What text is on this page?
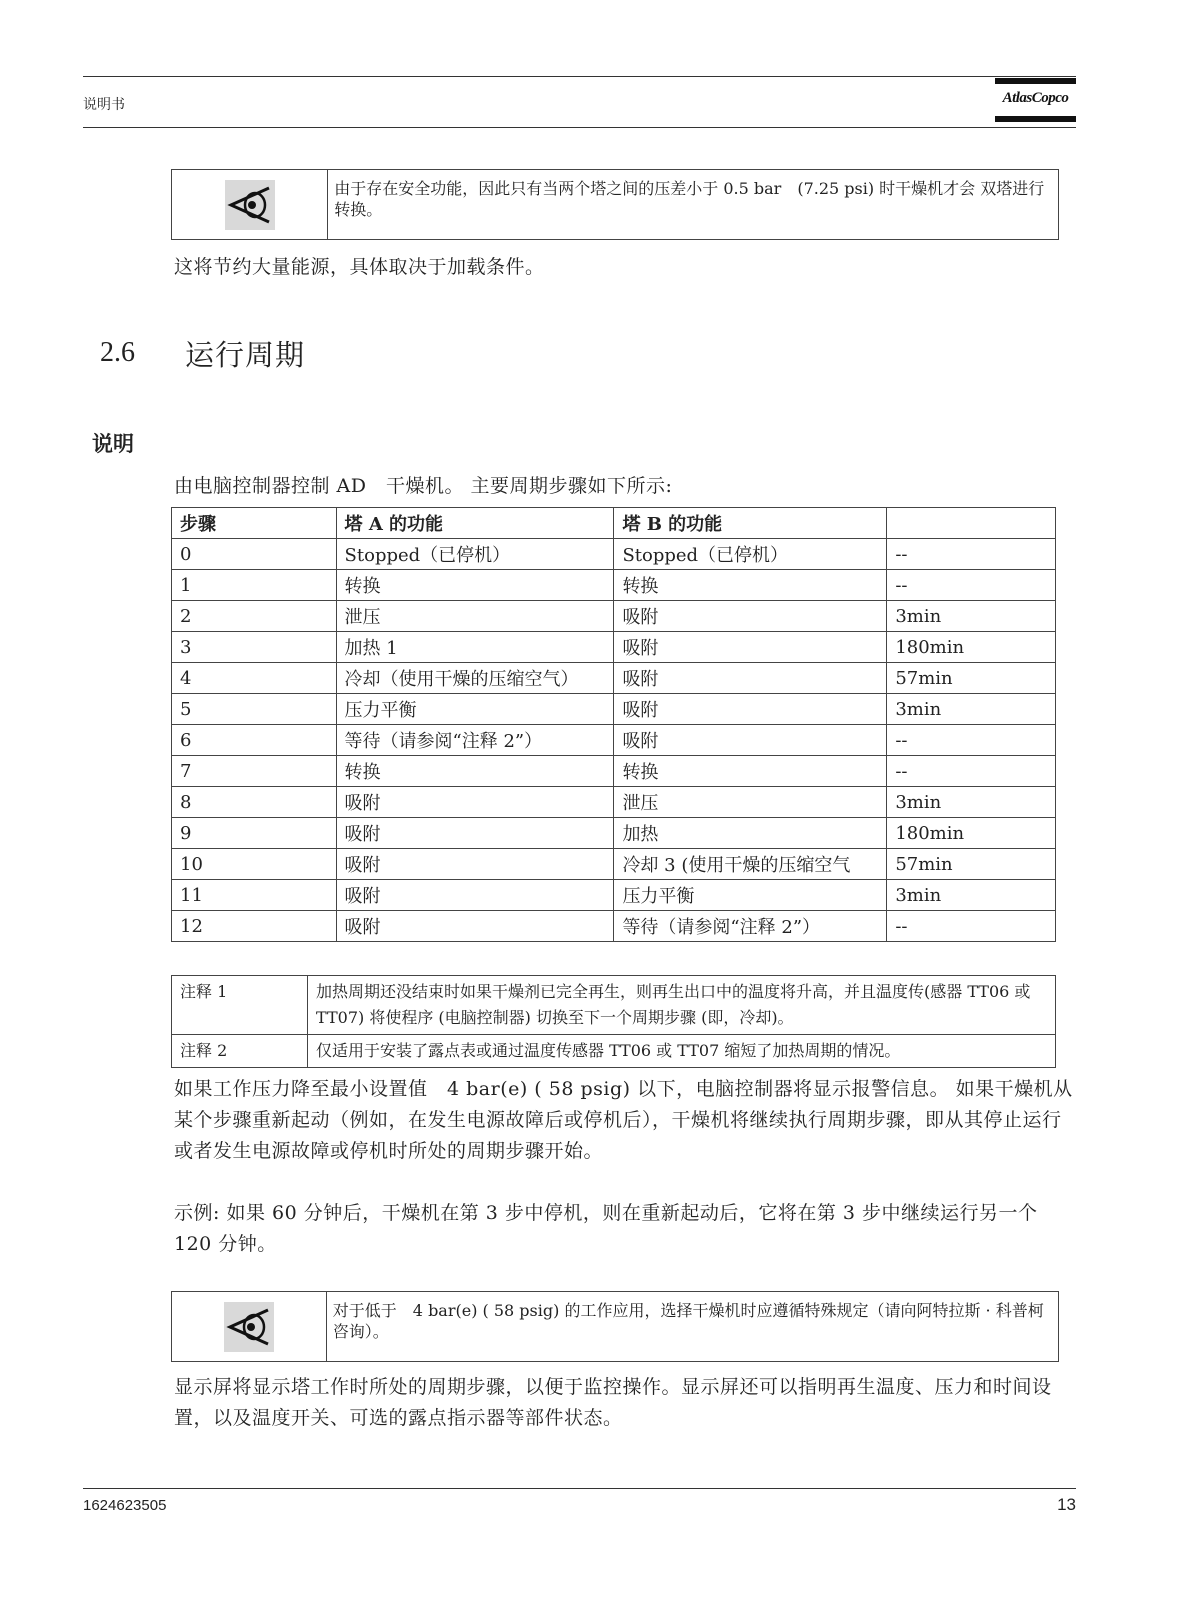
说明书	AtlasCopco
由于存在安全功能，因此只有当两个塔之间的压差小于 0.5 bar　(7.25 psi) 时干燥机才会 双塔进行转换。
这将节约大量能源，具体取决于加载条件。
2.6 运行周期
说明
由电脑控制器控制 AD　干燥机。 主要周期步骤如下所示:
步骤	塔 A 的功能	塔 B 的功能	
0	Stopped（已停机）	Stopped（已停机）	--
1	转换	转换	--
2	泄压	吸附	3min
3	加热 1	吸附	180min
4	冷却（使用干燥的压缩空气）	吸附	57min
5	压力平衡	吸附	3min
6	等待（请参阅“注释 2”）	吸附	--
7	转换	转换	--
8	吸附	泄压	3min
9	吸附	加热	180min
10	吸附	冷却 3 (使用干燥的压缩空气	57min
11	吸附	压力平衡	3min
12	吸附	等待（请参阅“注释 2”）	--
注释 1	加热周期还没结束时如果干燥剂已完全再生，则再生出口中的温度将升高，并且温度传(感器 TT06 或 TT07) 将使程序 (电脑控制器) 切换至下一个周期步骤 (即，冷却)。
注释 2	仅适用于安装了露点表或通过温度传感器 TT06 或 TT07 缩短了加热周期的情况。
如果工作压力降至最小设置值　4 bar(e) ( 58 psig) 以下，电脑控制器将显示报警信息。 如果干燥机从某个步骤重新起动（例如，在发生电源故障后或停机后），干燥机将继续执行周期步骤，即从其停止运行或者发生电源故障或停机时所处的周期步骤开始。
示例: 如果 60 分钟后，干燥机在第 3 步中停机，则在重新起动后，它将在第 3 步中继续运行另一个 120 分钟。
对于低于　4 bar(e) ( 58 psig) 的工作应用，选择干燥机时应遵循特殊规定（请向阿特拉斯 · 科普柯咨询）。
显示屏将显示塔工作时所处的周期步骤，以便于监控操作。显示屏还可以指明再生温度、压力和时间设置，以及温度开关、可选的露点指示器等部件状态。
1624623505	13
